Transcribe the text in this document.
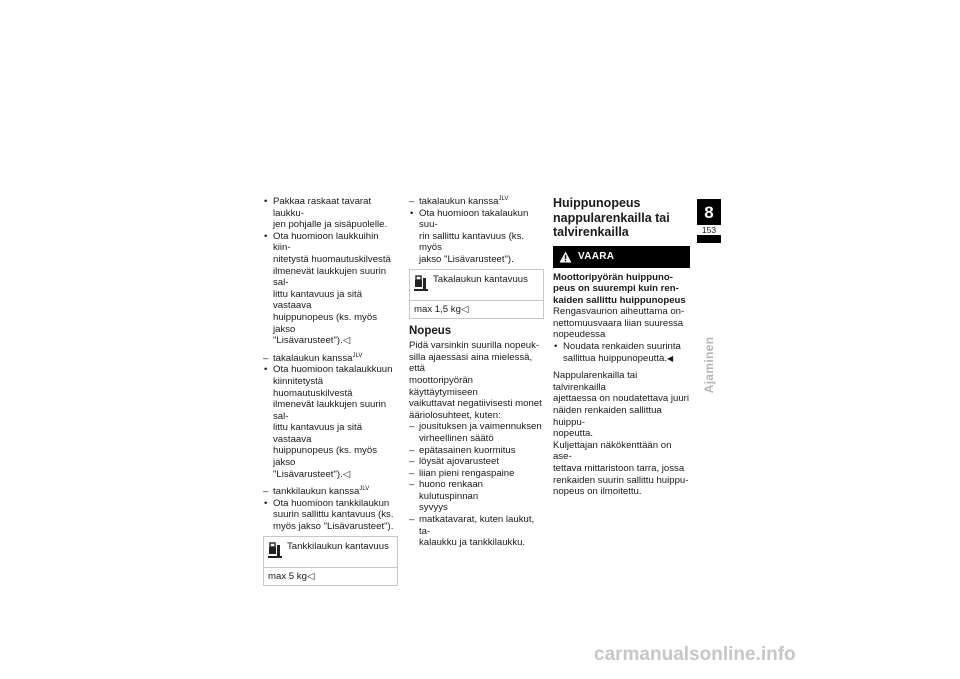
• Pakkaa raskaat tavarat laukku-
jen pohjalle ja sisäpuolelle.
• Ota huomioon laukkuihin kiin-
nitetystä huomautuskilvestä
ilmenevät laukkujen suurin sal-
littu kantavuus ja sitä vastaava
huippunopeus (ks. myös jakso
"Lisävarusteet").◁
– takalaukun kanssa$^{JLV}$
• Ota huomioon takalaukkuun
kiinnitetystä huomautuskilvestä
ilmenevät laukkujen suurin sal-
littu kantavuus ja sitä vastaava
huippunopeus (ks. myös jakso
"Lisävarusteet").◁
– tankkilaukun kanssa$^{JLV}$
• Ota huomioon tankkilaukun
suurin sallittu kantavuus (ks.
myös jakso "Lisävarusteet").
Tankkilaukun kantavuus
max 5 kg◁
– takalaukun kanssa$^{JLV}$
• Ota huomioon takalaukun suu-
rin sallittu kantavuus (ks. myös
jakso "Lisävarusteet").
Takalaukun kantavuus
max 1,5 kg◁
Nopeus
Pidä varsinkin suurilla nopeuk-
silla ajaessasi aina mielessä, että
moottoripyörän käyttäytymiseen
vaikuttavat negatiivisesti monet
ääriolosuhteet, kuten:
– jousituksen ja vaimennuksen
virheellinen säätö
– epätasainen kuormitus
– löysät ajovarusteet
– liian pieni rengaspaine
– huono renkaan kulutuspinnan
syvyys
– matkatavarat, kuten laukut, ta-
kalaukku ja tankkilaukku.
Huippunopeus
nappularenkailla tai
talvirenkailla
VAARA
Moottoripyörän huippuno-
peus on suurempi kuin ren-
kaiden sallittu huippunopeus
Rengasvaurion aiheuttama on-
nettomuusvaara liian suuressa
nopeudessa
• Noudata renkaiden suurinta
sallittua huippunopeutta.◀
Nappularenkailla tai talvirenkailla
ajettaessa on noudatettava juuri
näiden renkaiden sallittua huippu-
nopeutta.
Kuljettajan näkökenttään on ase-
tettava mittaristoon tarra, jossa
renkaiden suurin sallittu huippu-
nopeus on ilmoitettu.
8
153
Ajaminen
carmanualsonline.info
